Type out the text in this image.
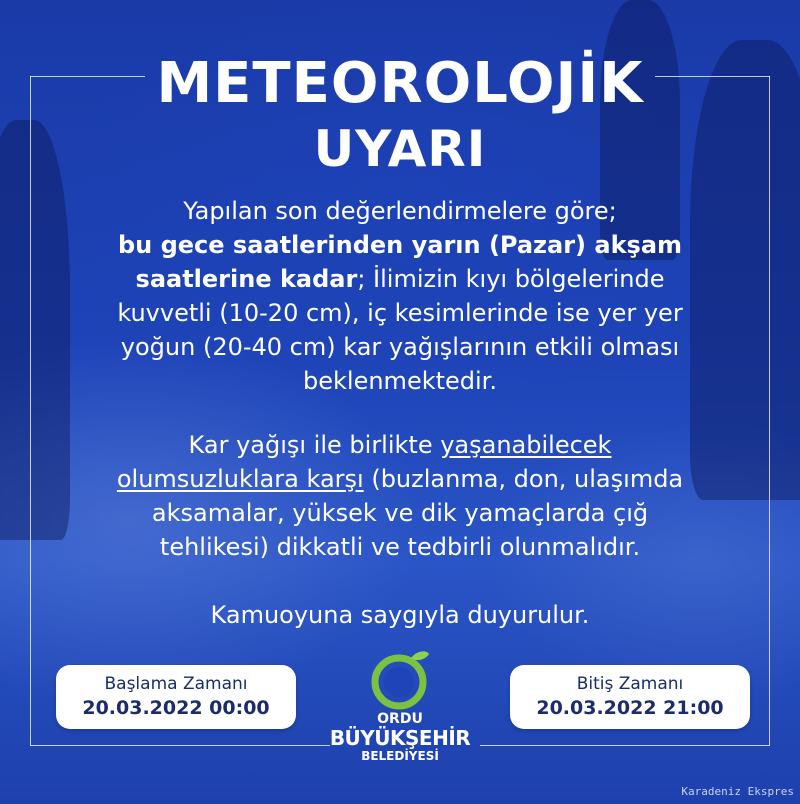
METEOROLOJİK
UYARI
Yapılan son değerlendirmelere göre;
bu gece saatlerinden yarın (Pazar) akşam
saatlerine kadar; İlimizin kıyı bölgelerinde
kuvvetli (10-20 cm), iç kesimlerinde ise yer yer
yoğun (20-40 cm) kar yağışlarının etkili olması
beklenmektedir.
Kar yağışı ile birlikte yaşanabilecek
olumsuzluklara karşı (buzlanma, don, ulaşımda
aksamalar, yüksek ve dik yamaçlarda çığ
tehlikesi) dikkatli ve tedbirli olunmalıdır.
Kamuoyuna saygıyla duyurulur.
Başlama Zamanı
20.03.2022 00:00
Bitiş Zamanı
20.03.2022 21:00
ORDU
BÜYÜKŞEHİR
BELEDİYESİ
Karadeniz Ekspres
